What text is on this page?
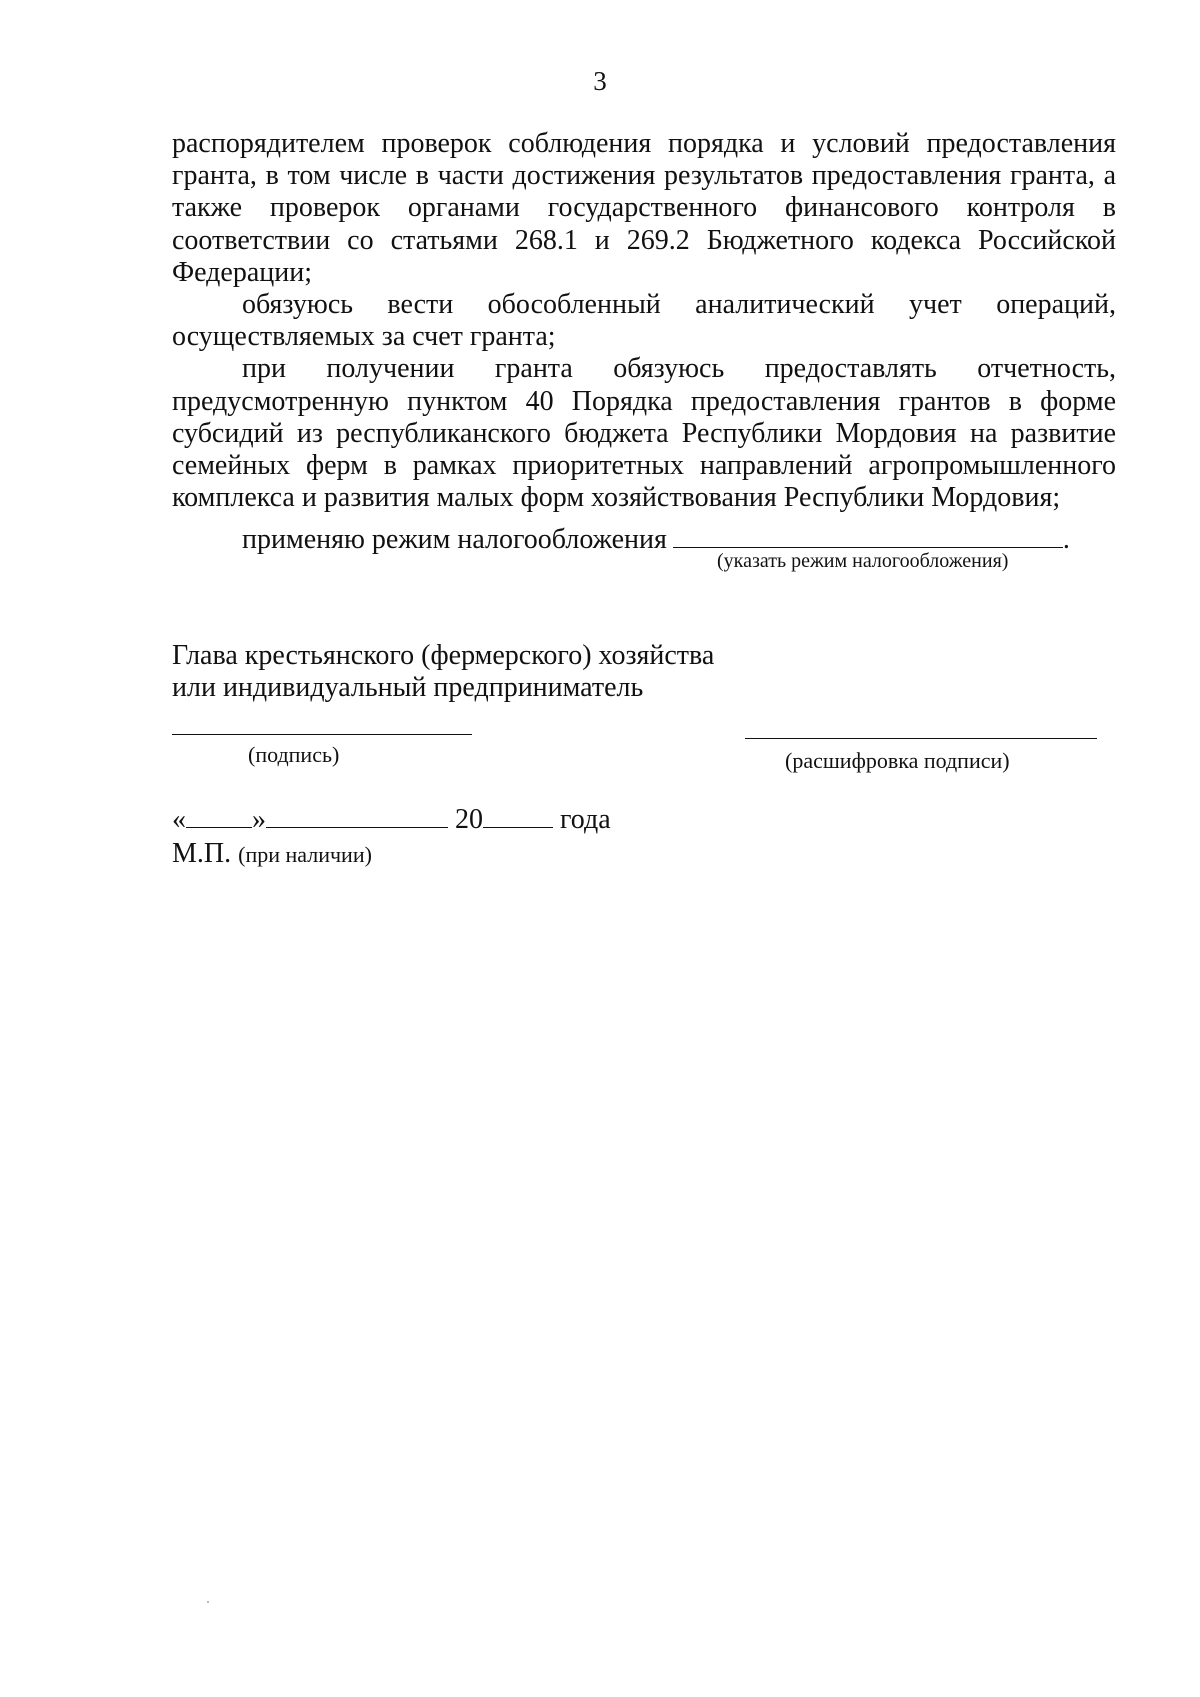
3

распорядителем проверок соблюдения порядка и условий предоставления гранта, в том числе в части достижения результатов предоставления гранта, а также проверок органами государственного финансового контроля в соответствии со статьями 268.1 и 269.2 Бюджетного кодекса Российской Федерации;

обязуюсь вести обособленный аналитический учет операций, осуществляемых за счет гранта;

при получении гранта обязуюсь предоставлять отчетность, предусмотренную пунктом 40 Порядка предоставления грантов в форме субсидий из республиканского бюджета Республики Мордовия на развитие семейных ферм в рамках приоритетных направлений агропромышленного комплекса и развития малых форм хозяйствования Республики Мордовия;

применяю режим налогообложения	.
(указать режим налогообложения)
Глава крестьянского (фермерского) хозяйства
или индивидуальный предприниматель
(подпись)	(расшифровка подписи)
« »	20	года
М.П. (при наличии)
